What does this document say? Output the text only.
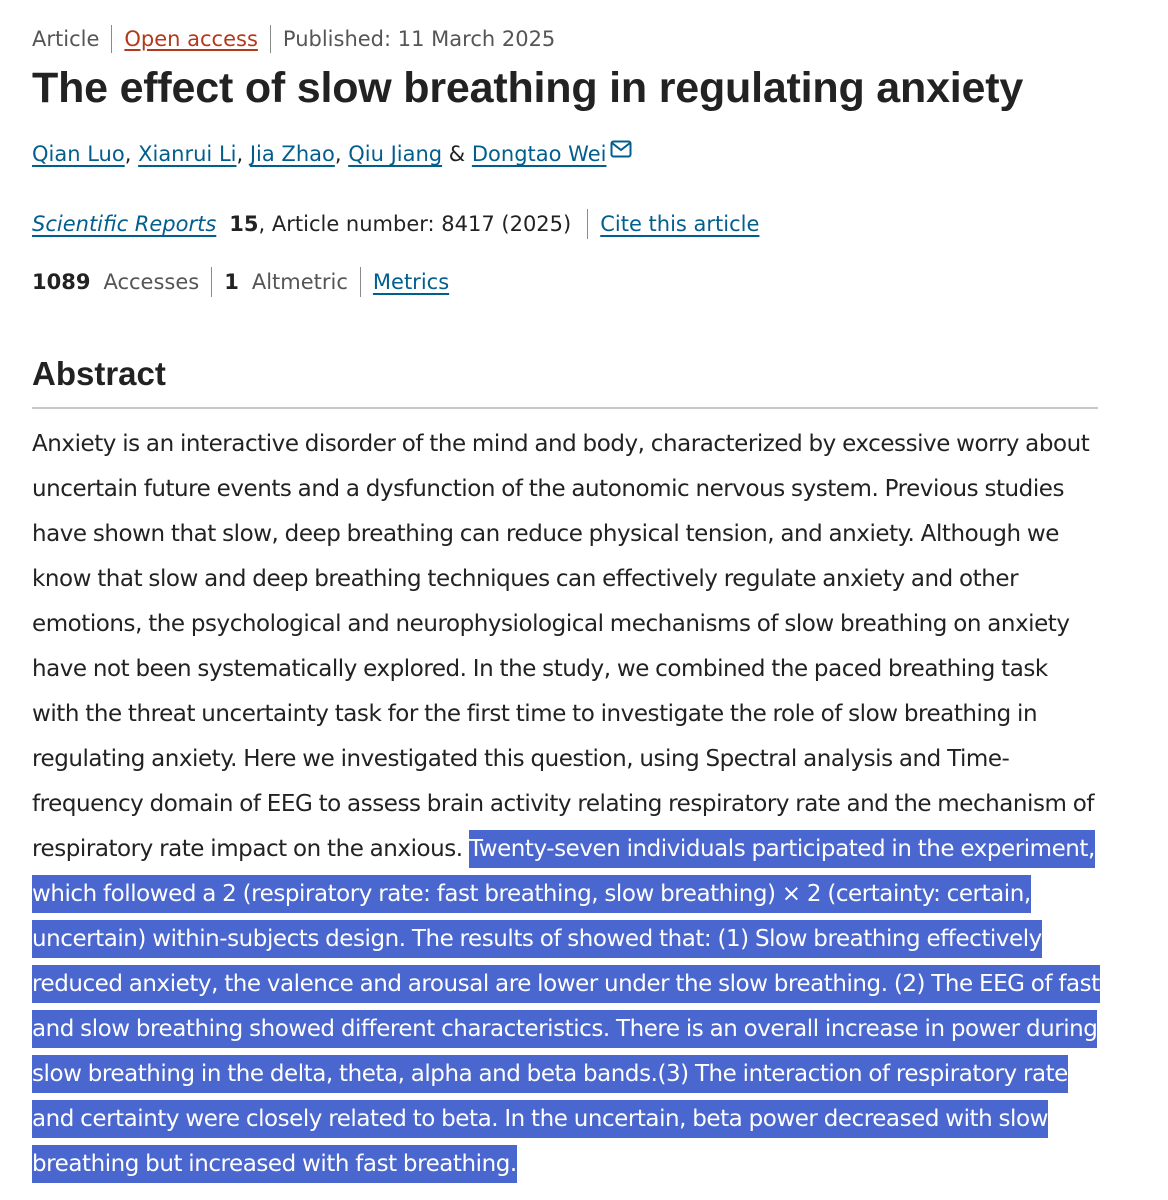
Article Open access Published: 11 March 2025
The effect of slow breathing in regulating anxiety
Qian Luo, Xianrui Li, Jia Zhao, Qiu Jiang & Dongtao Wei
Scientific Reports 15 , Article number: 8417 (2025) Cite this article
1089 Accesses 1 Altmetric Metrics
Abstract

Anxiety is an interactive disorder of the mind and body, characterized by excessive worry about uncertain future events and a dysfunction of the autonomic nervous system. Previous studies have shown that slow, deep breathing can reduce physical tension, and anxiety. Although we know that slow and deep breathing techniques can effectively regulate anxiety and other emotions, the psychological and neurophysiological mechanisms of slow breathing on anxiety have not been systematically explored. In the study, we combined the paced breathing task with the threat uncertainty task for the first time to investigate the role of slow breathing in regulating anxiety. Here we investigated this question, using Spectral analysis and Time-frequency domain of EEG to assess brain activity relating respiratory rate and the mechanism of respiratory rate impact on the anxious. Twenty-seven individuals participated in the experiment, which followed a 2 (respiratory rate: fast breathing, slow breathing) × 2 (certainty: certain, uncertain) within-subjects design. The results of showed that: (1) Slow breathing effectively reduced anxiety, the valence and arousal are lower under the slow breathing. (2) The EEG of fast and slow breathing showed different characteristics. There is an overall increase in power during slow breathing in the delta, theta, alpha and beta bands.(3) The interaction of respiratory rate and certainty were closely related to beta. In the uncertain, beta power decreased with slow breathing but increased with fast breathing.
